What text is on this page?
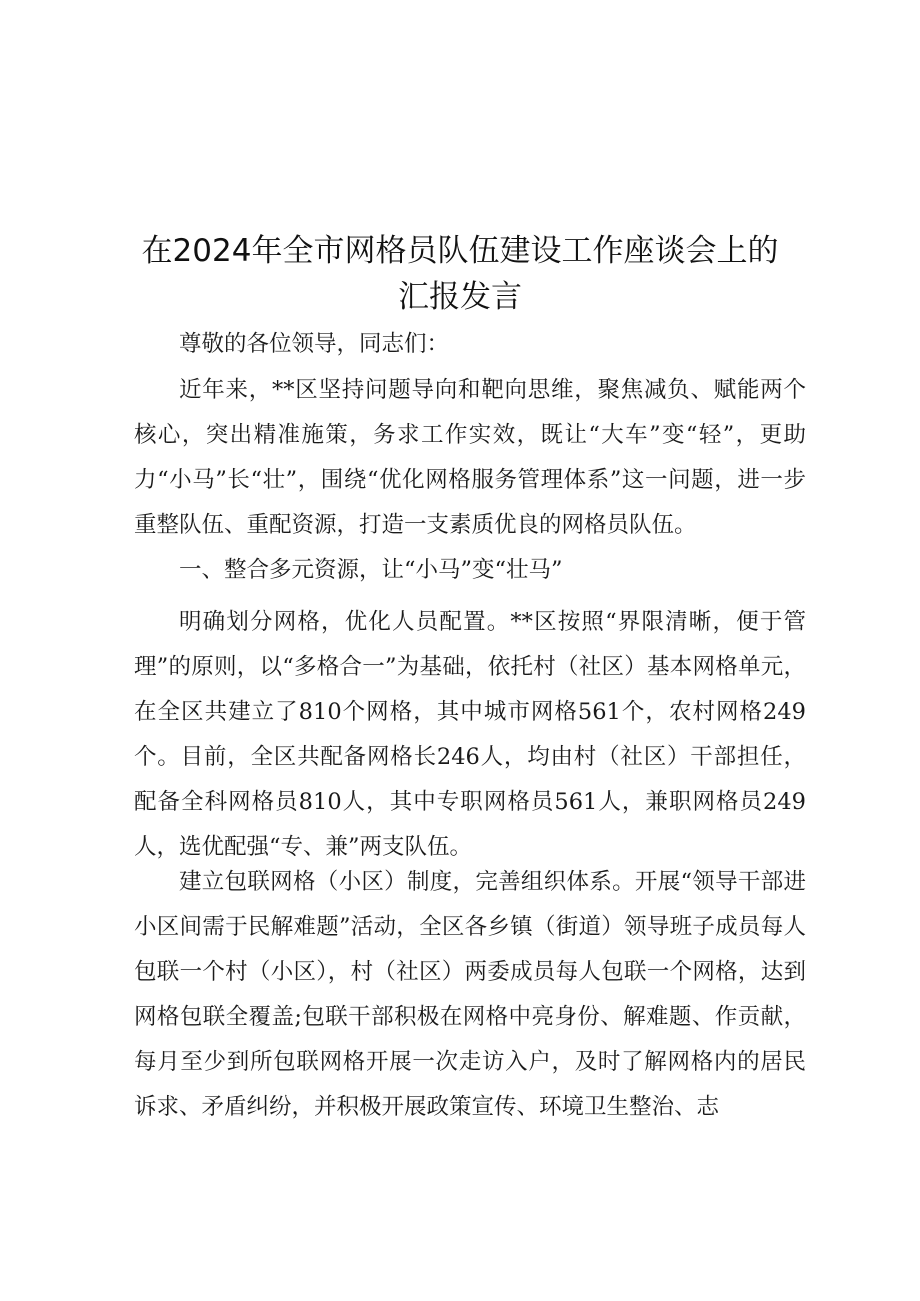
在2024年全市网格员队伍建设工作座谈会上的
汇报发言

尊敬的各位领导，同志们：

近年来，**区坚持问题导向和靶向思维，聚焦减负、赋能两个核心，突出精准施策，务求工作实效，既让“大车”变“轻”，更助力“小马”长“壮”，围绕“优化网格服务管理体系”这一问题，进一步重整队伍、重配资源，打造一支素质优良的网格员队伍。

一、整合多元资源，让“小马”变“壮马”

明确划分网格，优化人员配置。**区按照“界限清晰，便于管理”的原则，以“多格合一”为基础，依托村（社区）基本网格单元，在全区共建立了810个网格，其中城市网格561个，农村网格249个。目前，全区共配备网格长246人，均由村（社区）干部担任，配备全科网格员810人，其中专职网格员561人，兼职网格员249人，选优配强“专、兼”两支队伍。

建立包联网格（小区）制度，完善组织体系。开展“领导干部进小区间需于民解难题”活动，全区各乡镇（街道）领导班子成员每人包联一个村（小区），村（社区）两委成员每人包联一个网格，达到网格包联全覆盖;包联干部积极在网格中亮身份、解难题、作贡献，每月至少到所包联网格开展一次走访入户，及时了解网格内的居民诉求、矛盾纠纷，并积极开展政策宣传、环境卫生整治、志
